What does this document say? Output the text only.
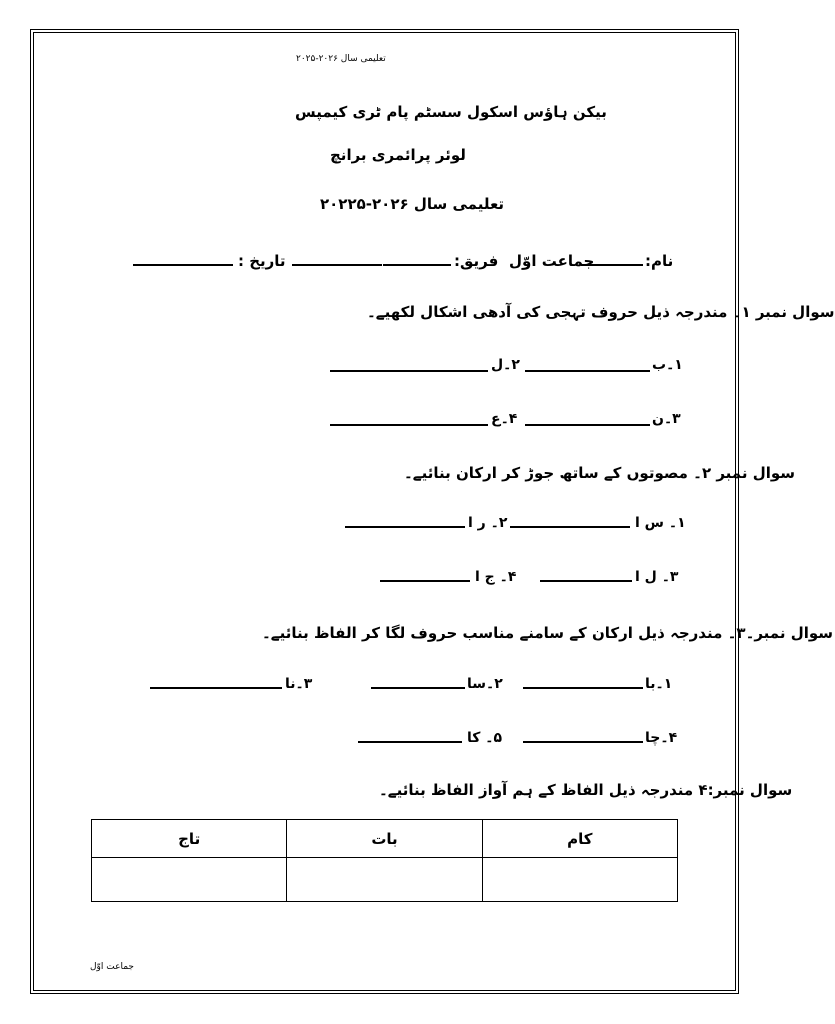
تعلیمی سال ۲۰۲۶-۲۰۲۵
بیکن ہاؤس اسکول سسٹم پام ٹری کیمپس
لوئر پرائمری برانچ
تعلیمی سال ۲۰۲۶-۲۰۲۲۵
نام:
جماعت اوّل
فریق:
تاریخ :
سوال نمبر ۱۔ مندرجہ ذیل حروف تہجی کی آدھی اشکال لکھیے۔
۱۔ب
۲۔ل
۳۔ن
۴۔ع
سوال نمبر ۲۔ مصوتوں کے ساتھ جوڑ کر ارکان بنائیے۔
۱۔ س ا
۲۔ ر ا
۳۔ ل ا
۴۔ ج ا
سوال نمبر۔۳۔ مندرجہ ذیل ارکان کے سامنے مناسب حروف لگا کر الفاظ بنائیے۔
۱۔با
۲۔سا
۳۔نا
۴۔چا
۵۔ کا
سوال نمبر:۴ مندرجہ ذیل الفاظ کے ہم آواز الفاظ بنائیے۔
تاج	بات	کام

جماعت اوّل
